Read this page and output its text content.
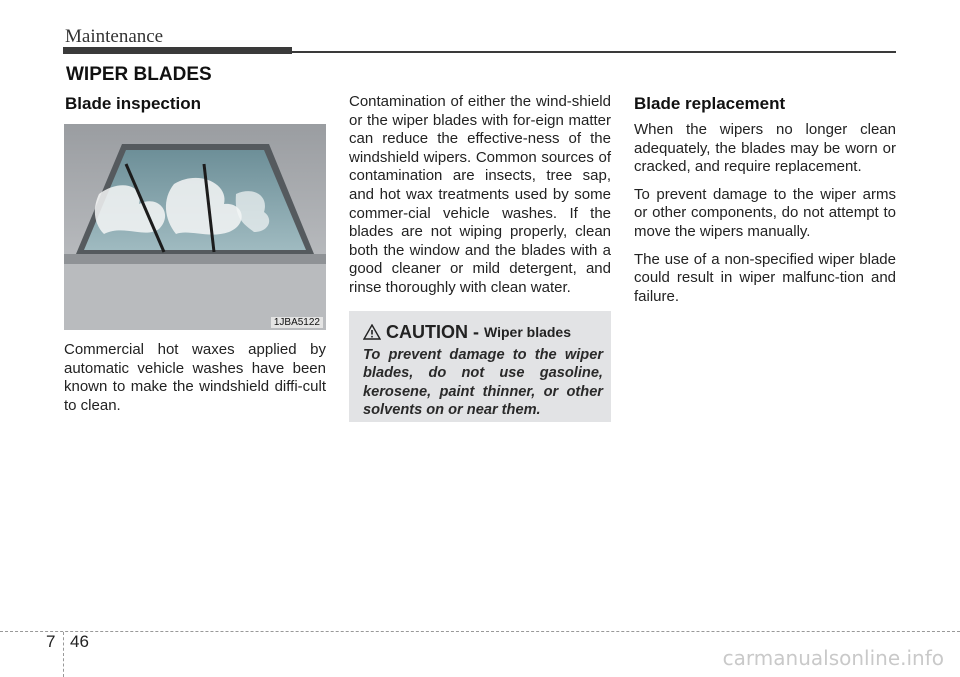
Maintenance
WIPER BLADES
Blade inspection
1JBA5122

Commercial hot waxes applied by automatic vehicle washes have been known to make the windshield diffi-cult to clean.

Contamination of either the wind-shield or the wiper blades with for-eign matter can reduce the effective-ness of the windshield wipers. Common sources of contamination are insects, tree sap, and hot wax treatments used by some commer-cial vehicle washes. If the blades are not wiping properly, clean both the window and the blades with a good cleaner or mild detergent, and rinse thoroughly with clean water.

CAUTION - Wiper blades
To prevent damage to the wiper blades, do not use gasoline, kerosene, paint thinner, or other solvents on or near them.
Blade replacement

When the wipers no longer clean adequately, the blades may be worn or cracked, and require replacement.

To prevent damage to the wiper arms or other components, do not attempt to move the wipers manually.

The use of a non-specified wiper blade could result in wiper malfunc-tion and failure.

7 46
carmanualsonline.info
